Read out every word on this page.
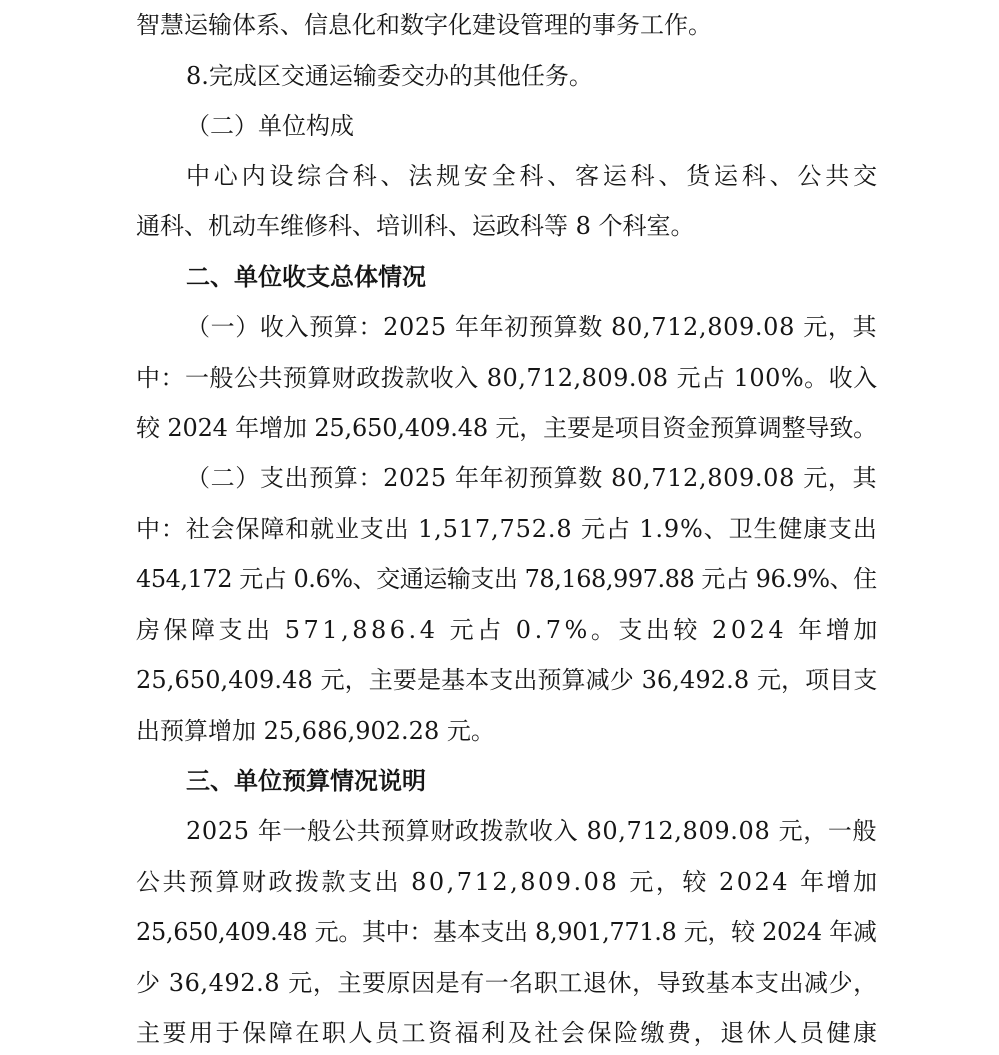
智慧运输体系、信息化和数字化建设管理的事务工作。
8.完成区交通运输委交办的其他任务。
（二）单位构成
中心内设综合科、法规安全科、客运科、货运科、公共交
通科、机动车维修科、培训科、运政科等 8 个科室。
二、单位收支总体情况
（一）收入预算：2025 年年初预算数 80,712,809.08 元，其
中：一般公共预算财政拨款收入 80,712,809.08 元占 100%。收入
较 2024 年增加 25,650,409.48 元，主要是项目资金预算调整导致。
（二）支出预算：2025 年年初预算数 80,712,809.08 元，其
中：社会保障和就业支出 1,517,752.8 元占 1.9%、卫生健康支出
454,172 元占 0.6%、交通运输支出 78,168,997.88 元占 96.9%、住
房保障支出 571,886.4 元占 0.7%。支出较 2024 年增加
25,650,409.48 元，主要是基本支出预算减少 36,492.8 元，项目支
出预算增加 25,686,902.28 元。
三、单位预算情况说明
2025 年一般公共预算财政拨款收入 80,712,809.08 元，一般
公共预算财政拨款支出 80,712,809.08 元，较 2024 年增加
25,650,409.48 元。其中：基本支出 8,901,771.8 元，较 2024 年减
少 36,492.8 元，主要原因是有一名职工退休，导致基本支出减少，
主要用于保障在职人员工资福利及社会保险缴费，退休人员健康
